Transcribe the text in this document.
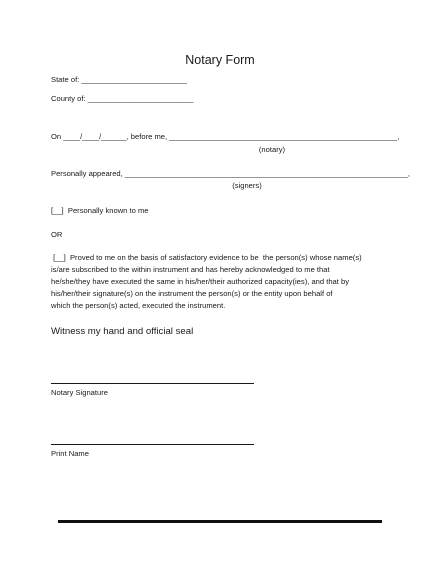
Notary Form
State of: _________________________
County of: _________________________
On ____/____/______, before me, ______________________________________________________,
(notary)
Personally appeared, ___________________________________________________________________,
(signers)
[__]  Personally known to me
OR
[__]  Proved to me on the basis of satisfactory evidence to be  the person(s) whose name(s)
is/are subscribed to the within instrument and has hereby acknowledged to me that
he/she/they have executed the same in his/her/their authorized capacity(ies), and that by
his/her/their signature(s) on the instrument the person(s) or the entity upon behalf of
which the person(s) acted, executed the instrument.
Witness my hand and official seal
Notary Signature
Print Name
